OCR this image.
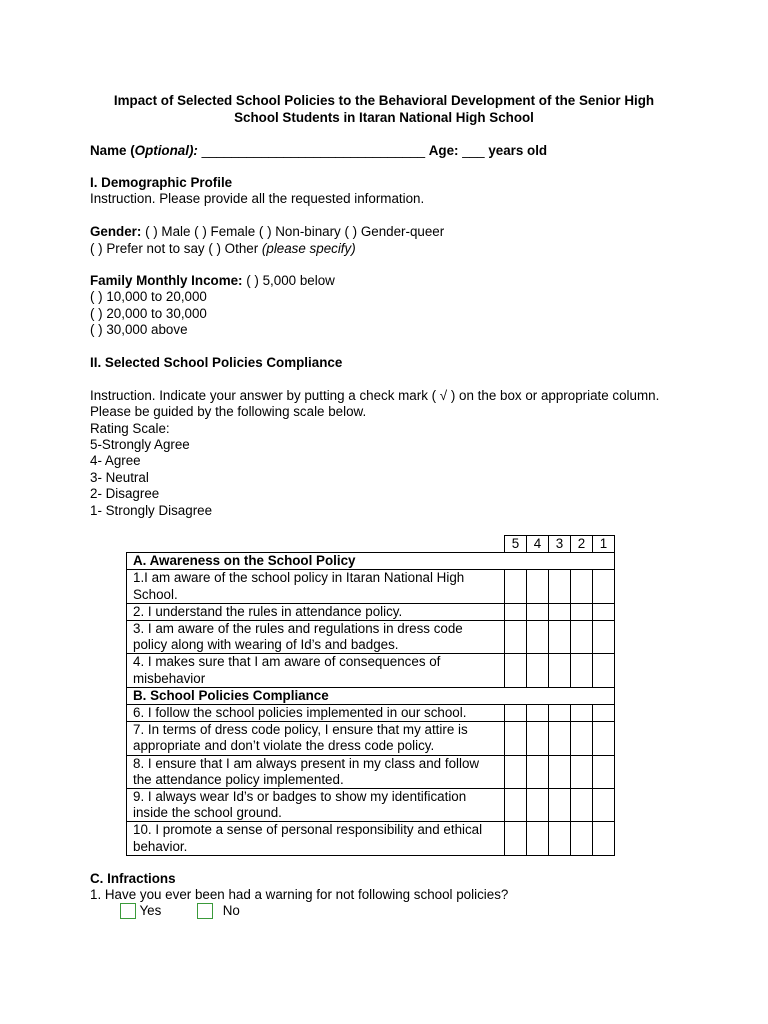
Impact of Selected School Policies to the Behavioral Development of the Senior High School Students in Itaran National High School
Name (Optional): ______________________________ Age: ___ years old
I. Demographic Profile
Instruction. Please provide all the requested information.
Gender: ( ) Male ( ) Female ( ) Non-binary ( ) Gender-queer
( ) Prefer not to say ( ) Other (please specify)
Family Monthly Income: ( ) 5,000 below
( ) 10,000 to 20,000
( ) 20,000 to 30,000
( ) 30,000 above
II. Selected School Policies Compliance
Instruction. Indicate your answer by putting a check mark ( √ ) on the box or appropriate column.
Please be guided by the following scale below.
Rating Scale:
5-Strongly Agree
4- Agree
3- Neutral
2- Disagree
1- Strongly Disagree
	5	4	3	2	1
A. Awareness on the School Policy					
1.I am aware of the school policy in Itaran National High School.					
2. I understand the rules in attendance policy.					
3. I am aware of the rules and regulations in dress code policy along with wearing of Id’s and badges.					
4. I makes sure that I am aware of consequences of misbehavior					
B. School Policies Compliance					
6. I follow the school policies implemented in our school.					
7. In terms of dress code policy, I ensure that my attire is appropriate and don’t violate the dress code policy.					
8. I ensure that I am always present in my class and follow the attendance policy implemented.					
9. I always wear Id’s or badges to show my identification inside the school ground.					
10. I promote a sense of personal responsibility and ethical behavior.					
C. Infractions
1. Have you ever been had a warning for not following school policies?
Yes	No
